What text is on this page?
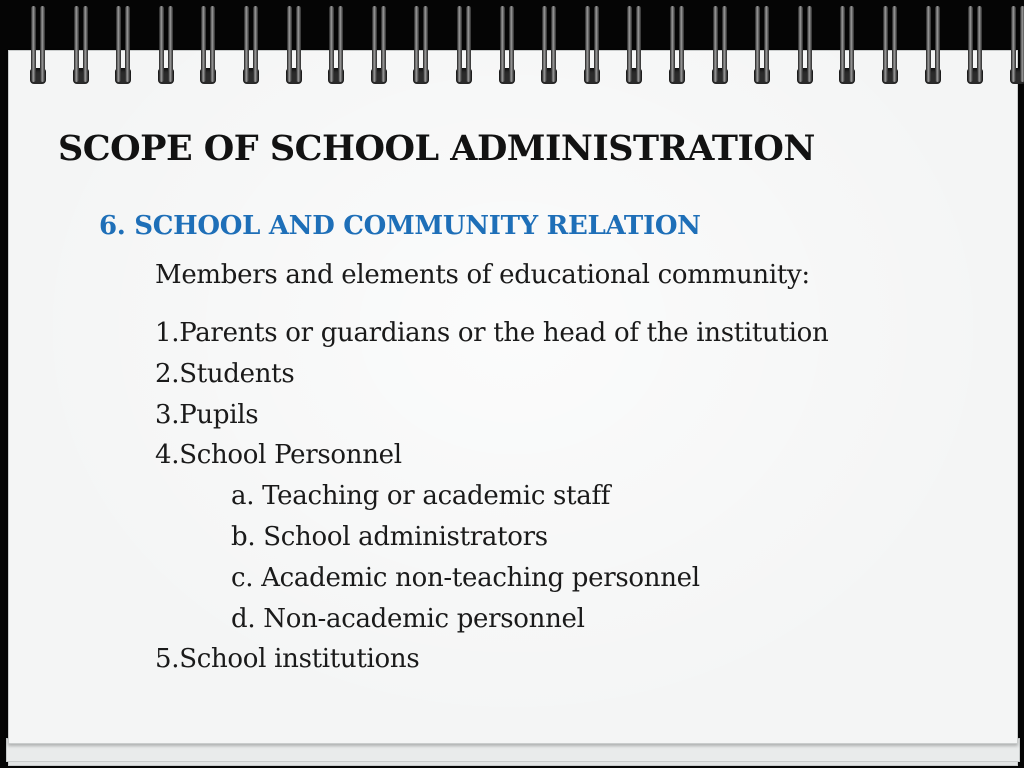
SCOPE OF SCHOOL ADMINISTRATION
6. SCHOOL AND COMMUNITY RELATION
Members and elements of educational community:
1.Parents or guardians or the head of the institution
2.Students
3.Pupils
4.School Personnel
a. Teaching or academic staff
b. School administrators
c. Academic non-teaching personnel
d. Non-academic personnel
5.School institutions
